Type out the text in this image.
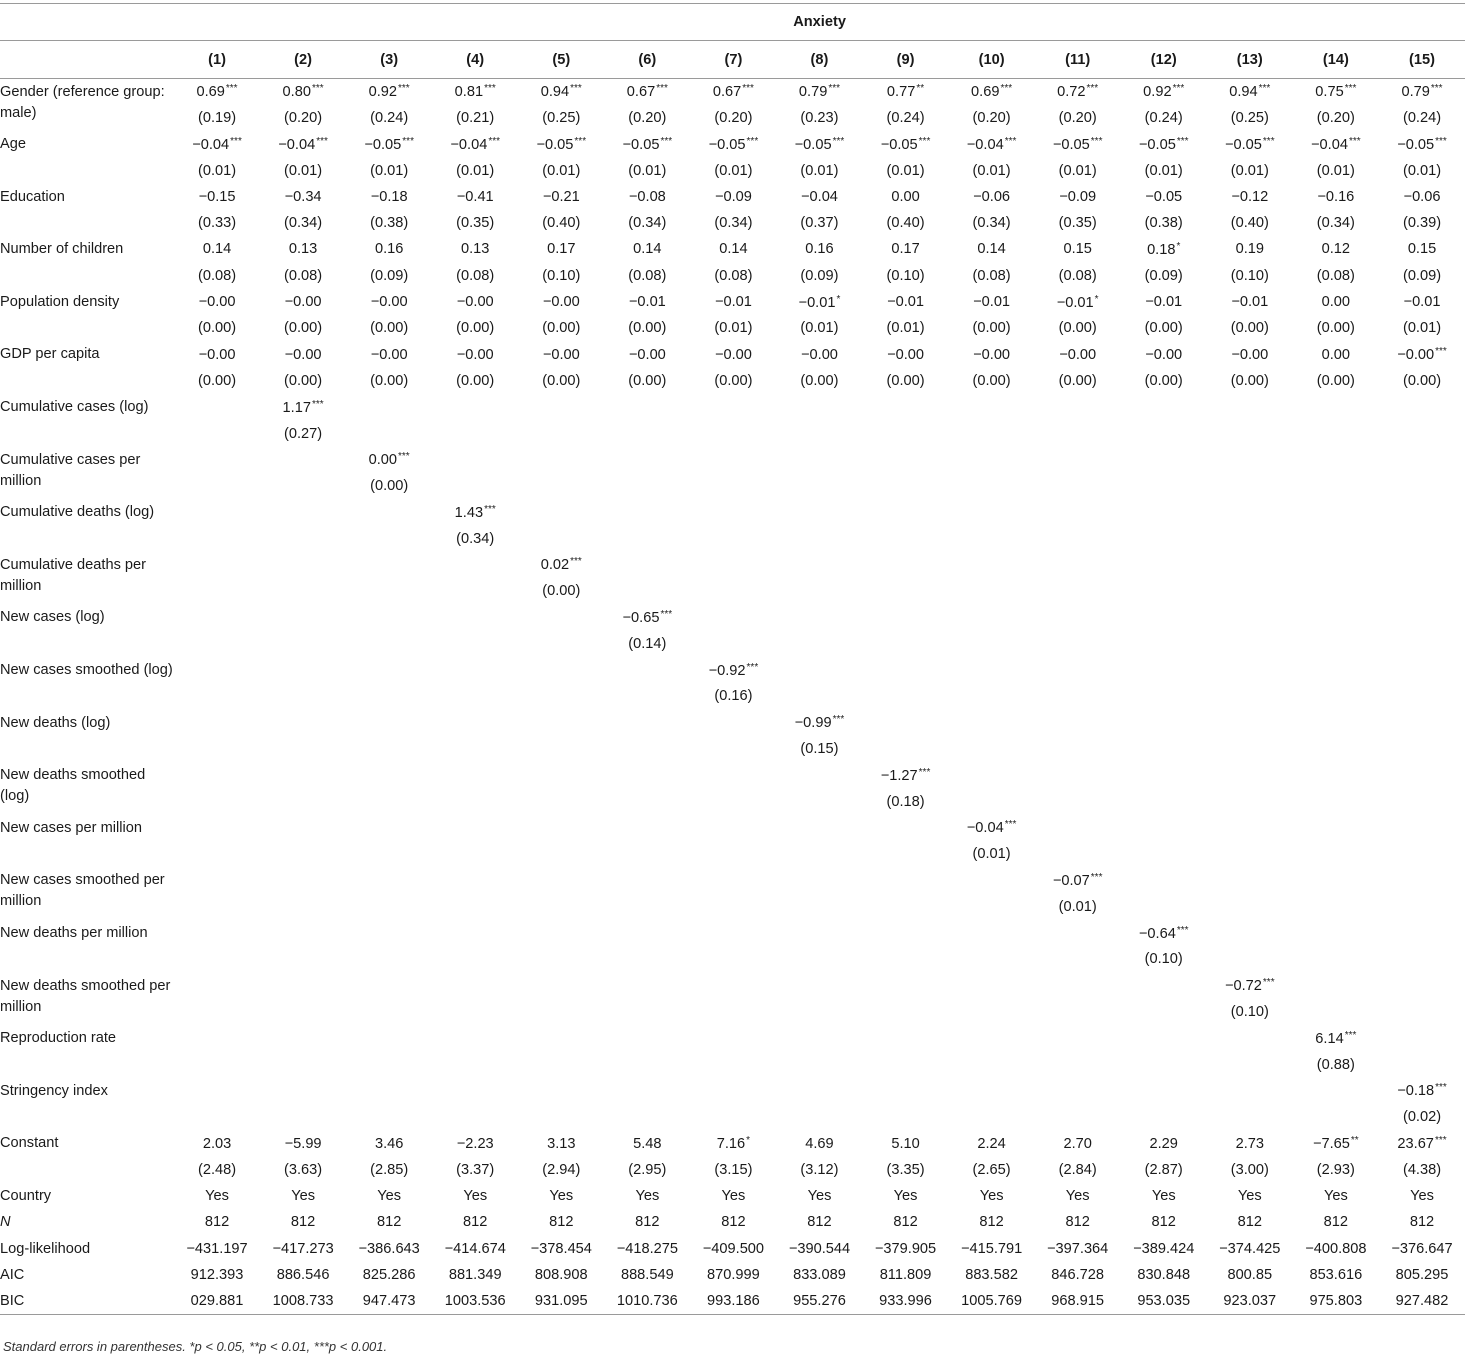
	Anxiety														
	(1)	(2)	(3)	(4)	(5)	(6)	(7)	(8)	(9)	(10)	(11)	(12)	(13)	(14)	(15)
Gender (reference group: male)	0.69***	0.80***	0.92***	0.81***	0.94***	0.67***	0.67***	0.79***	0.77**	0.69***	0.72***	0.92***	0.94***	0.75***	0.79***
	(0.19)	(0.20)	(0.24)	(0.21)	(0.25)	(0.20)	(0.20)	(0.23)	(0.24)	(0.20)	(0.20)	(0.24)	(0.25)	(0.20)	(0.24)
Age	−0.04***	−0.04***	−0.05***	−0.04***	−0.05***	−0.05***	−0.05***	−0.05***	−0.05***	−0.04***	−0.05***	−0.05***	−0.05***	−0.04***	−0.05***
	(0.01)	(0.01)	(0.01)	(0.01)	(0.01)	(0.01)	(0.01)	(0.01)	(0.01)	(0.01)	(0.01)	(0.01)	(0.01)	(0.01)	(0.01)
Education	−0.15	−0.34	−0.18	−0.41	−0.21	−0.08	−0.09	−0.04	0.00	−0.06	−0.09	−0.05	−0.12	−0.16	−0.06
	(0.33)	(0.34)	(0.38)	(0.35)	(0.40)	(0.34)	(0.34)	(0.37)	(0.40)	(0.34)	(0.35)	(0.38)	(0.40)	(0.34)	(0.39)
Number of children	0.14	0.13	0.16	0.13	0.17	0.14	0.14	0.16	0.17	0.14	0.15	0.18*	0.19	0.12	0.15
	(0.08)	(0.08)	(0.09)	(0.08)	(0.10)	(0.08)	(0.08)	(0.09)	(0.10)	(0.08)	(0.08)	(0.09)	(0.10)	(0.08)	(0.09)
Population density	−0.00	−0.00	−0.00	−0.00	−0.00	−0.01	−0.01	−0.01*	−0.01	−0.01	−0.01*	−0.01	−0.01	0.00	−0.01
	(0.00)	(0.00)	(0.00)	(0.00)	(0.00)	(0.00)	(0.01)	(0.01)	(0.01)	(0.00)	(0.00)	(0.00)	(0.00)	(0.00)	(0.01)
GDP per capita	−0.00	−0.00	−0.00	−0.00	−0.00	−0.00	−0.00	−0.00	−0.00	−0.00	−0.00	−0.00	−0.00	0.00	−0.00***
	(0.00)	(0.00)	(0.00)	(0.00)	(0.00)	(0.00)	(0.00)	(0.00)	(0.00)	(0.00)	(0.00)	(0.00)	(0.00)	(0.00)	(0.00)
Cumulative cases (log)		1.17***													
		(0.27)													
Cumulative cases per million			0.00***												
			(0.00)												
Cumulative deaths (log)				1.43***											
				(0.34)											
Cumulative deaths per million					0.02***										
					(0.00)										
New cases (log)						−0.65***									
						(0.14)									
New cases smoothed (log)							−0.92***								
							(0.16)								
New deaths (log)								−0.99***							
								(0.15)							
New deaths smoothed (log)									−1.27***						
									(0.18)						
New cases per million										−0.04***					
										(0.01)					
New cases smoothed per million											−0.07***				
											(0.01)				
New deaths per million												−0.64***			
												(0.10)			
New deaths smoothed per million													−0.72***		
													(0.10)		
Reproduction rate														6.14***	
														(0.88)	
Stringency index															−0.18***
															(0.02)
Constant	2.03	−5.99	3.46	−2.23	3.13	5.48	7.16*	4.69	5.10	2.24	2.70	2.29	2.73	−7.65**	23.67***
	(2.48)	(3.63)	(2.85)	(3.37)	(2.94)	(2.95)	(3.15)	(3.12)	(3.35)	(2.65)	(2.84)	(2.87)	(3.00)	(2.93)	(4.38)
Country	Yes	Yes	Yes	Yes	Yes	Yes	Yes	Yes	Yes	Yes	Yes	Yes	Yes	Yes	Yes
N	812	812	812	812	812	812	812	812	812	812	812	812	812	812	812
Log-likelihood	−431.197	−417.273	−386.643	−414.674	−378.454	−418.275	−409.500	−390.544	−379.905	−415.791	−397.364	−389.424	−374.425	−400.808	−376.647
AIC	912.393	886.546	825.286	881.349	808.908	888.549	870.999	833.089	811.809	883.582	846.728	830.848	800.85	853.616	805.295
BIC	029.881	1008.733	947.473	1003.536	931.095	1010.736	993.186	955.276	933.996	1005.769	968.915	953.035	923.037	975.803	927.482
Standard errors in parentheses. *p < 0.05, **p < 0.01, ***p < 0.001.
